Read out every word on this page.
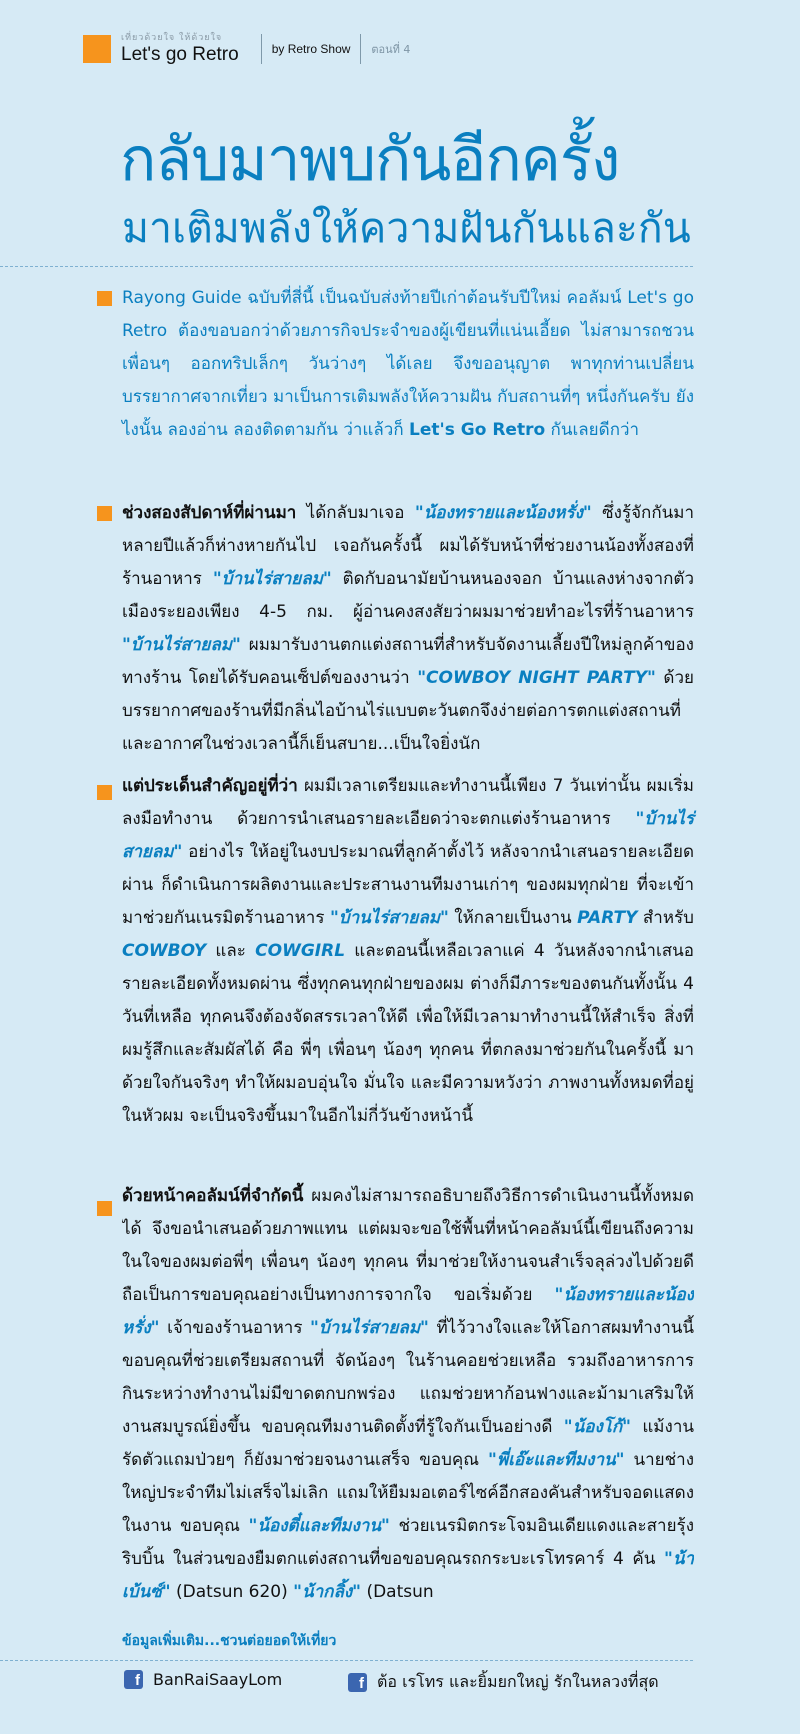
เที่ยวด้วยใจ ให้ด้วยใจ
Let's go Retro	by Retro Show ตอนที่ 4
กลับมาพบกันอีกครั้ง
มาเติมพลังให้ความฝันกันและกัน
Rayong Guide ฉบับที่สี่นี้ เป็นฉบับส่งท้ายปีเก่าต้อนรับปีใหม่ คอลัมน์ Let's go Retro ต้องขอบอกว่าด้วยภารกิจประจำของผู้เขียนที่แน่นเอี้ยด ไม่สามารถชวนเพื่อนๆ ออกทริปเล็กๆ วันว่างๆ ได้เลย จึงขออนุญาต พาทุกท่านเปลี่ยนบรรยากาศจากเที่ยว มาเป็นการเติมพลังให้ความฝัน กับสถานที่ๆ หนึ่งกันครับ ยังไงนั้น ลองอ่าน ลองติดตามกัน ว่าแล้วก็ Let's Go Retro กันเลยดีกว่า
ช่วงสองสัปดาห์ที่ผ่านมา ได้กลับมาเจอ "น้องทรายและน้องหรั่ง" ซึ่งรู้จักกันมาหลายปีแล้วก็ห่างหายกันไป เจอกันครั้งนี้ ผมได้รับหน้าที่ช่วยงานน้องทั้งสองที่ร้านอาหาร "บ้านไร่สายลม" ติดกับอนามัยบ้านหนองจอก บ้านแลงห่างจากตัวเมืองระยองเพียง 4-5 กม. ผู้อ่านคงสงสัยว่าผมมาช่วยทำอะไรที่ร้านอาหาร "บ้านไร่สายลม" ผมมารับงานตกแต่งสถานที่สำหรับจัดงานเลี้ยงปีใหม่ลูกค้าของทางร้าน โดยได้รับคอนเซ็ปต์ของงานว่า "COWBOY NIGHT PARTY" ด้วยบรรยากาศของร้านที่มีกลิ่นไอบ้านไร่แบบตะวันตกจึงง่ายต่อการตกแต่งสถานที่ และอากาศในช่วงเวลานี้ก็เย็นสบาย...เป็นใจยิ่งนัก
แต่ประเด็นสำคัญอยู่ที่ว่า ผมมีเวลาเตรียมและทำงานนี้เพียง 7 วันเท่านั้น ผมเริ่มลงมือทำงาน ด้วยการนำเสนอรายละเอียดว่าจะตกแต่งร้านอาหาร "บ้านไร่สายลม" อย่างไร ให้อยู่ในงบประมาณที่ลูกค้าตั้งไว้ หลังจากนำเสนอรายละเอียดผ่าน ก็ดำเนินการผลิตงานและประสานงานทีมงานเก่าๆ ของผมทุกฝ่าย ที่จะเข้ามาช่วยกันเนรมิตร้านอาหาร "บ้านไร่สายลม" ให้กลายเป็นงาน PARTY สำหรับ COWBOY และ COWGIRL และตอนนี้เหลือเวลาแค่ 4 วันหลังจากนำเสนอรายละเอียดทั้งหมดผ่าน ซึ่งทุกคนทุกฝ่ายของผม ต่างก็มีภาระของตนกันทั้งนั้น 4 วันที่เหลือ ทุกคนจึงต้องจัดสรรเวลาให้ดี เพื่อให้มีเวลามาทำงานนี้ให้สำเร็จ สิ่งที่ผมรู้สึกและสัมผัสได้ คือ พี่ๆ เพื่อนๆ น้องๆ ทุกคน ที่ตกลงมาช่วยกันในครั้งนี้ มาด้วยใจกันจริงๆ ทำให้ผมอบอุ่นใจ มั่นใจ และมีความหวังว่า ภาพงานทั้งหมดที่อยู่ในหัวผม จะเป็นจริงขึ้นมาในอีกไม่กี่วันข้างหน้านี้
ด้วยหน้าคอลัมน์ที่จำกัดนี้ ผมคงไม่สามารถอธิบายถึงวิธีการดำเนินงานนี้ทั้งหมดได้ จึงขอนำเสนอด้วยภาพแทน แต่ผมจะขอใช้พื้นที่หน้าคอลัมน์นี้เขียนถึงความในใจของผมต่อพี่ๆ เพื่อนๆ น้องๆ ทุกคน ที่มาช่วยให้งานจนสำเร็จลุล่วงไปด้วยดี ถือเป็นการขอบคุณอย่างเป็นทางการจากใจ ขอเริ่มด้วย "น้องทรายและน้องหรั่ง" เจ้าของร้านอาหาร "บ้านไร่สายลม" ที่ไว้วางใจและให้โอกาสผมทำงานนี้ ขอบคุณที่ช่วยเตรียมสถานที่ จัดน้องๆ ในร้านคอยช่วยเหลือ รวมถึงอาหารการกินระหว่างทำงานไม่มีขาดตกบกพร่อง แถมช่วยหาก้อนฟางและม้ามาเสริมให้งานสมบูรณ์ยิ่งขึ้น ขอบคุณทีมงานติดตั้งที่รู้ใจกันเป็นอย่างดี "น้องโก้" แม้งานรัดตัวแถมป่วยๆ ก็ยังมาช่วยจนงานเสร็จ ขอบคุณ "พี่เอ๊ะและทีมงาน" นายช่างใหญ่ประจำทีมไม่เสร็จไม่เลิก แถมให้ยืมมอเตอร์ไซค์อีกสองคันสำหรับจอดแสดงในงาน ขอบคุณ "น้องตี๋และทีมงาน" ช่วยเนรมิตกระโจมอินเดียแดงและสายรุ้งริบบิ้น ในส่วนของยืมตกแต่งสถานที่ขอขอบคุณรถกระบะเรโทรคาร์ 4 คัน "น้าเบ้นซ์" (Datsun 620) "น้ากลิ้ง" (Datsun
ข้อมูลเพิ่มเติม...ชวนต่อยอดให้เที่ยว
f BanRaiSaayLom	f ต้อ เรโทร และยิ้มยกใหญ่ รักในหลวงที่สุด
